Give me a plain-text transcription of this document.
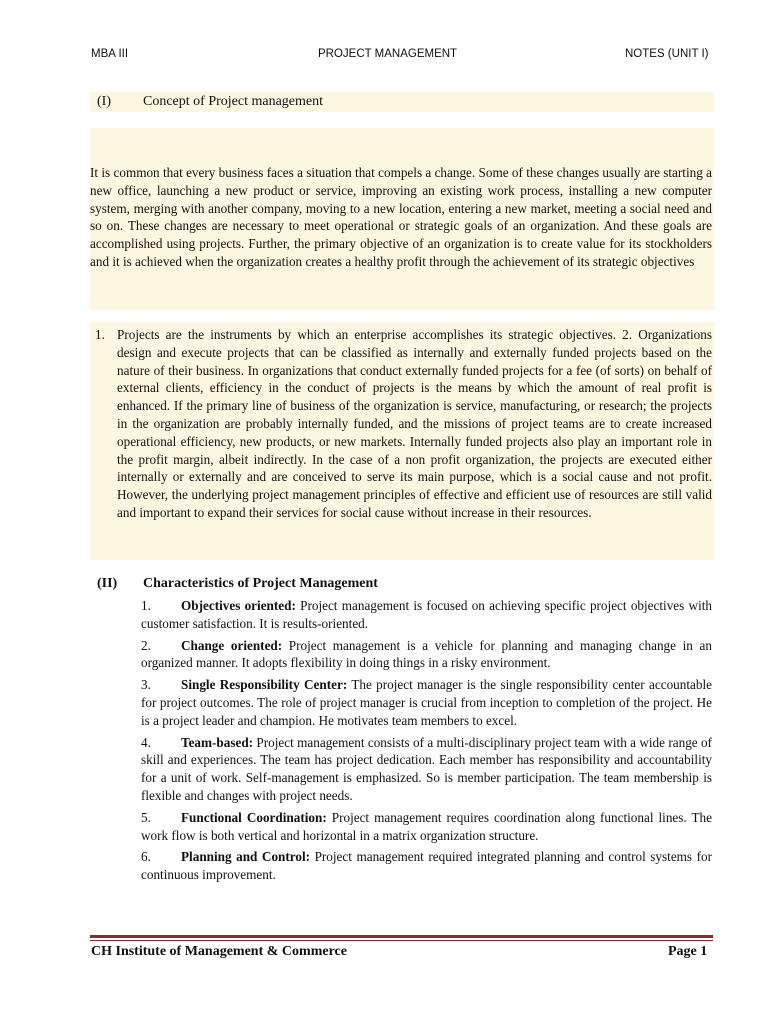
MBA III	PROJECT MANAGEMENT	NOTES (UNIT I)
(I) Concept of Project management
It is common that every business faces a situation that compels a change. Some of these changes usually are starting a new office, launching a new product or service, improving an existing work process, installing a new computer system, merging with another company, moving to a new location, entering a new market, meeting a social need and so on. These changes are necessary to meet operational or strategic goals of an organization. And these goals are accomplished using projects. Further, the primary objective of an organization is to create value for its stockholders and it is achieved when the organization creates a healthy profit through the achievement of its strategic objectives
1. Projects are the instruments by which an enterprise accomplishes its strategic objectives. 2. Organizations design and execute projects that can be classified as internally and externally funded projects based on the nature of their business. In organizations that conduct externally funded projects for a fee (of sorts) on behalf of external clients, efficiency in the conduct of projects is the means by which the amount of real profit is enhanced. If the primary line of business of the organization is service, manufacturing, or research; the projects in the organization are probably internally funded, and the missions of project teams are to create increased operational efficiency, new products, or new markets. Internally funded projects also play an important role in the profit margin, albeit indirectly. In the case of a non profit organization, the projects are executed either internally or externally and are conceived to serve its main purpose, which is a social cause and not profit. However, the underlying project management principles of effective and efficient use of resources are still valid and important to expand their services for social cause without increase in their resources.
(II) Characteristics of Project Management
1.	Objectives oriented: Project management is focused on achieving specific project objectives with customer satisfaction. It is results-oriented.
2.	Change oriented: Project management is a vehicle for planning and managing change in an organized manner. It adopts flexibility in doing things in a risky environment.
3.	Single Responsibility Center: The project manager is the single responsibility center accountable for project outcomes. The role of project manager is crucial from inception to completion of the project. He is a project leader and champion. He motivates team members to excel.
4.	Team-based: Project management consists of a multi-disciplinary project team with a wide range of skill and experiences. The team has project dedication. Each member has responsibility and accountability for a unit of work. Self-management is emphasized. So is member participation. The team membership is flexible and changes with project needs.
5.	Functional Coordination: Project management requires coordination along functional lines. The work flow is both vertical and horizontal in a matrix organization structure.
6.	Planning and Control: Project management required integrated planning and control systems for continuous improvement.
CH Institute of Management & Commerce	Page 1
